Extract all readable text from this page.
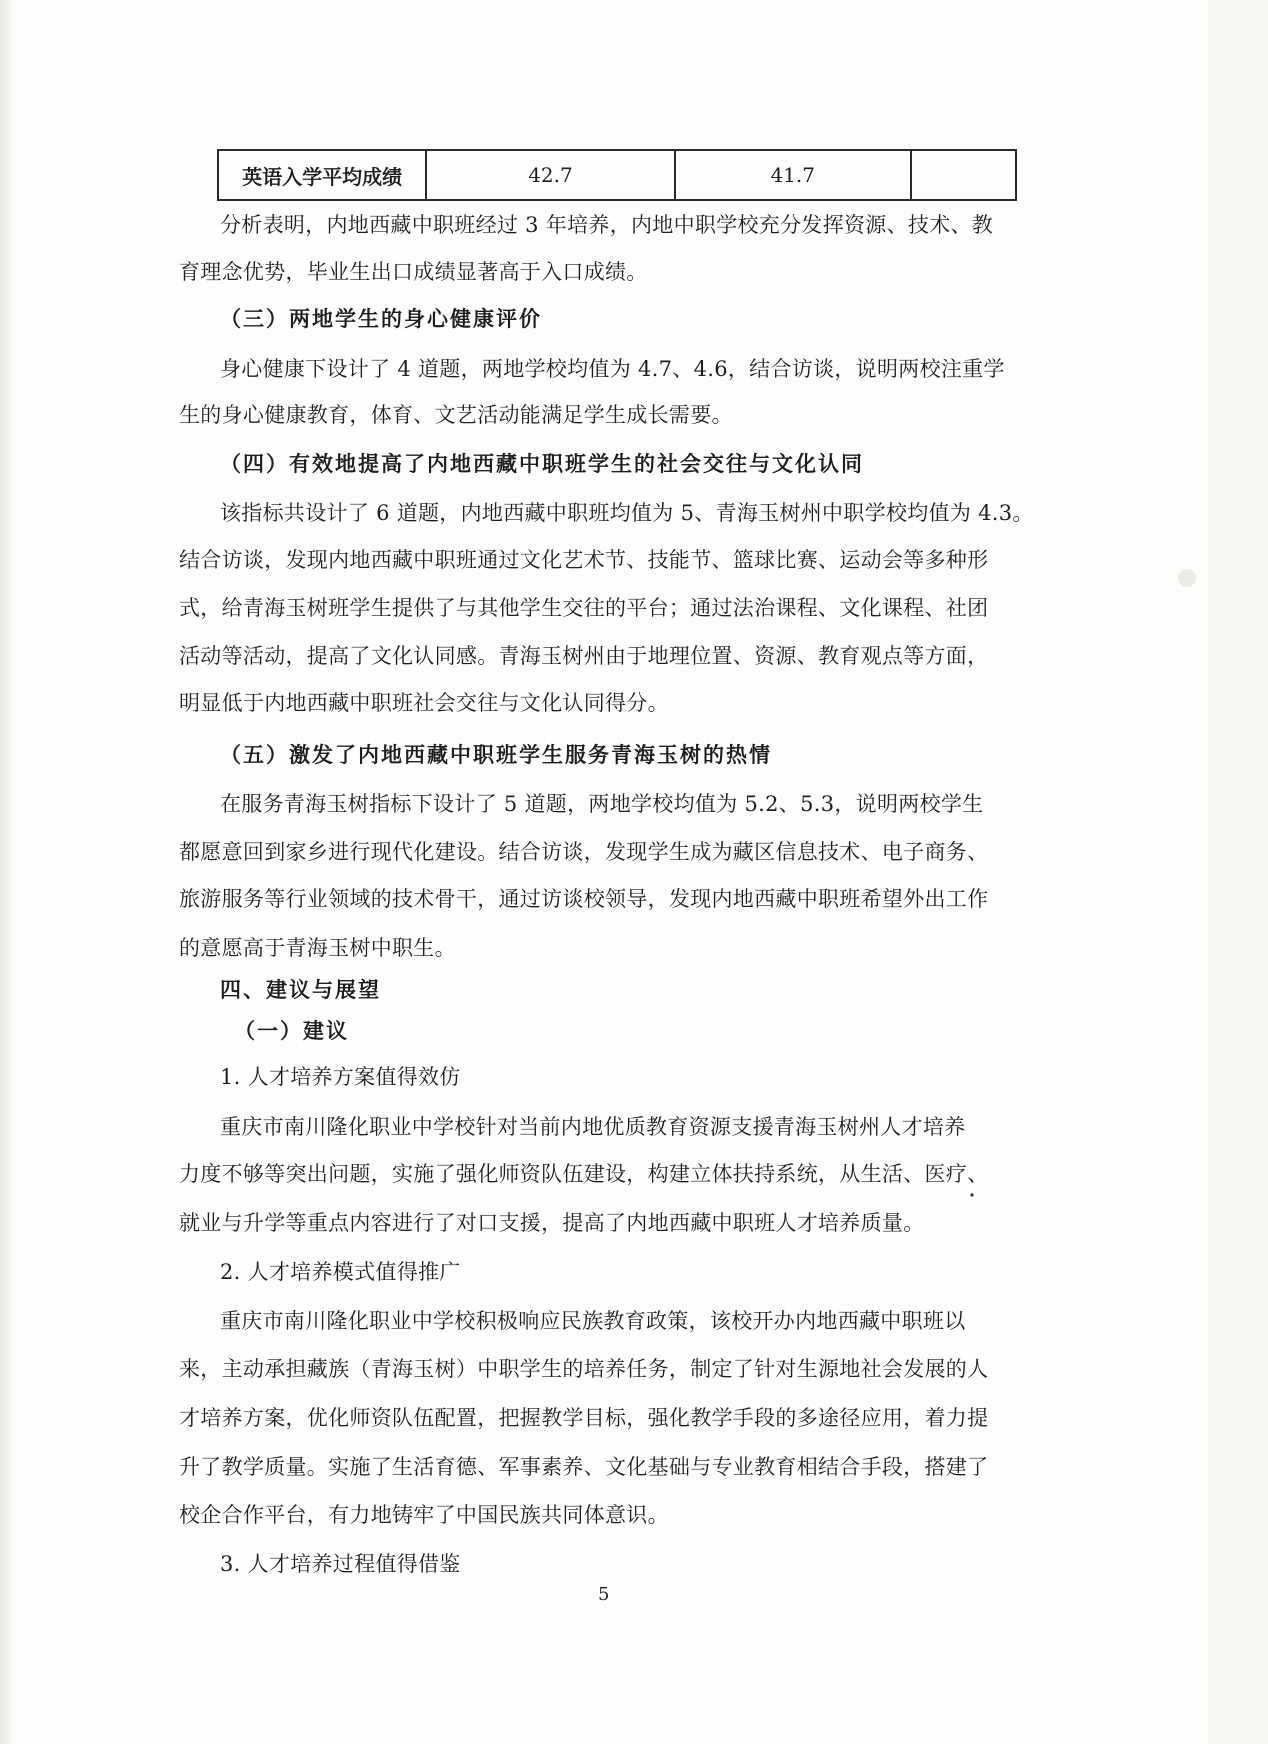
英语入学平均成绩	42.7	41.7	
分析表明，内地西藏中职班经过 3 年培养，内地中职学校充分发挥资源、技术、教
育理念优势，毕业生出口成绩显著高于入口成绩。
（三）两地学生的身心健康评价
身心健康下设计了 4 道题，两地学校均值为 4.7、4.6，结合访谈，说明两校注重学
生的身心健康教育，体育、文艺活动能满足学生成长需要。
（四）有效地提高了内地西藏中职班学生的社会交往与文化认同
该指标共设计了 6 道题，内地西藏中职班均值为 5、青海玉树州中职学校均值为 4.3。
结合访谈，发现内地西藏中职班通过文化艺术节、技能节、篮球比赛、运动会等多种形
式，给青海玉树班学生提供了与其他学生交往的平台；通过法治课程、文化课程、社团
活动等活动，提高了文化认同感。青海玉树州由于地理位置、资源、教育观点等方面，
明显低于内地西藏中职班社会交往与文化认同得分。
（五）激发了内地西藏中职班学生服务青海玉树的热情
在服务青海玉树指标下设计了 5 道题，两地学校均值为 5.2、5.3，说明两校学生
都愿意回到家乡进行现代化建设。结合访谈，发现学生成为藏区信息技术、电子商务、
旅游服务等行业领域的技术骨干，通过访谈校领导，发现内地西藏中职班希望外出工作
的意愿高于青海玉树中职生。
四、建议与展望
（一）建议
1. 人才培养方案值得效仿
重庆市南川隆化职业中学校针对当前内地优质教育资源支援青海玉树州人才培养
力度不够等突出问题，实施了强化师资队伍建设，构建立体扶持系统，从生活、医疗、
就业与升学等重点内容进行了对口支援，提高了内地西藏中职班人才培养质量。
2. 人才培养模式值得推广
重庆市南川隆化职业中学校积极响应民族教育政策，该校开办内地西藏中职班以
来，主动承担藏族（青海玉树）中职学生的培养任务，制定了针对生源地社会发展的人
才培养方案，优化师资队伍配置，把握教学目标，强化教学手段的多途径应用，着力提
升了教学质量。实施了生活育德、军事素养、文化基础与专业教育相结合手段，搭建了
校企合作平台，有力地铸牢了中国民族共同体意识。
3. 人才培养过程值得借鉴
5
